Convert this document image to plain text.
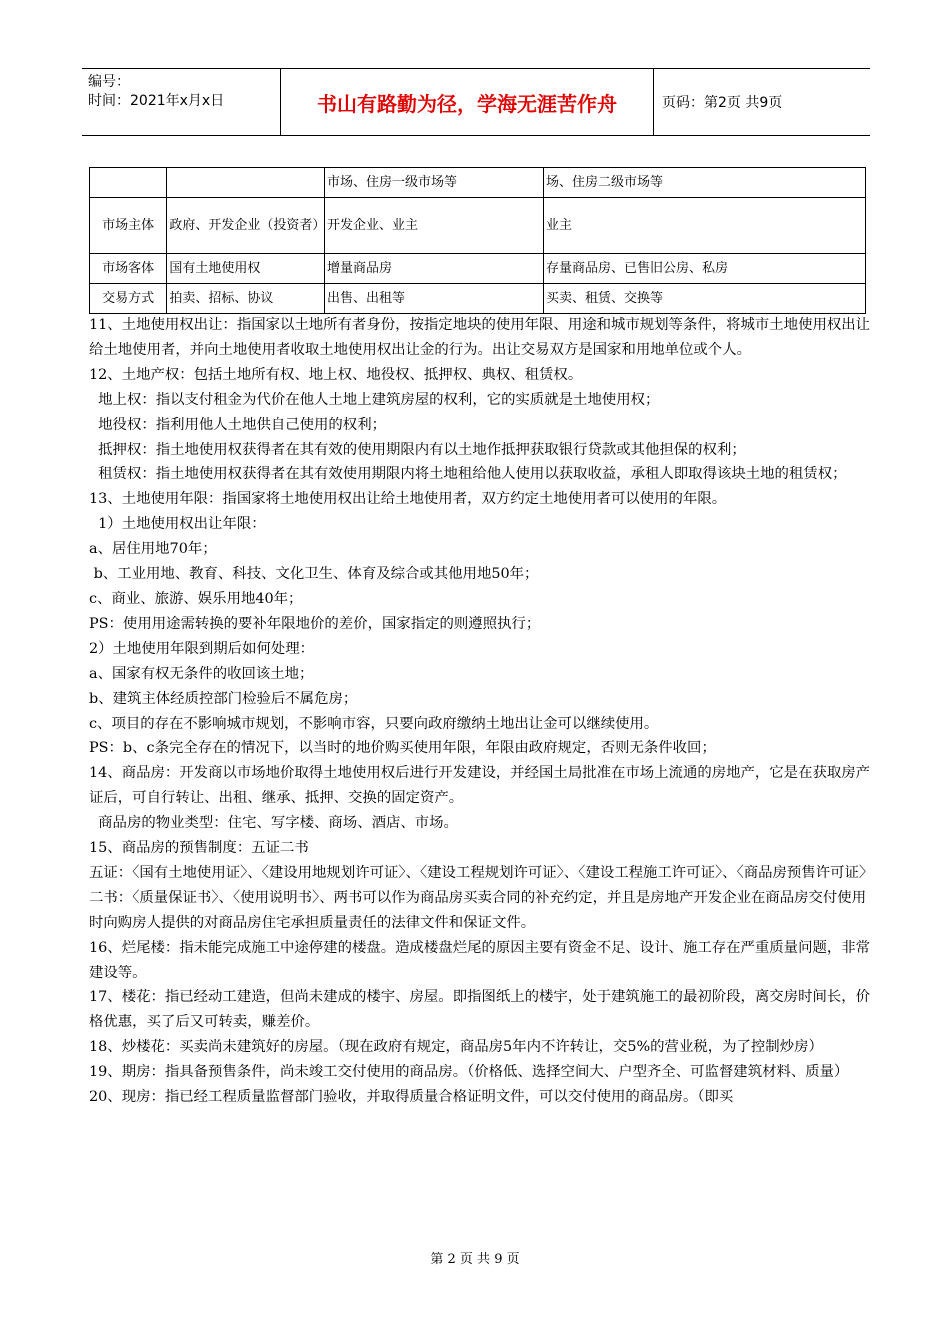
编号：
时间：2021年x月x日	书山有路勤为径，学海无涯苦作舟	页码：第2页 共9页
		市场、住房一级市场等	场、住房二级市场等
市场主体	政府、开发企业（投资者）	开发企业、业主	业主
市场客体	国有土地使用权	增量商品房	存量商品房、已售旧公房、私房
交易方式	拍卖、招标、协议	出售、出租等	买卖、租赁、交换等

11、土地使用权出让：指国家以土地所有者身份，按指定地块的使用年限、用途和城市规划等条件，将城市土地使用权出让给土地使用者，并向土地使用者收取土地使用权出让金的行为。出让交易双方是国家和用地单位或个人。

12、土地产权：包括土地所有权、地上权、地役权、抵押权、典权、租赁权。

地上权：指以支付租金为代价在他人土地上建筑房屋的权利，它的实质就是土地使用权；

地役权：指利用他人土地供自己使用的权利；

抵押权：指土地使用权获得者在其有效的使用期限内有以土地作抵押获取银行贷款或其他担保的权利；

租赁权：指土地使用权获得者在其有效使用期限内将土地租给他人使用以获取收益，承租人即取得该块土地的租赁权；

13、土地使用年限：指国家将土地使用权出让给土地使用者，双方约定土地使用者可以使用的年限。

1）土地使用权出让年限：

a、居住用地70年；

b、工业用地、教育、科技、文化卫生、体育及综合或其他用地50年；

c、商业、旅游、娱乐用地40年；

PS：使用用途需转换的要补年限地价的差价，国家指定的则遵照执行；

2）土地使用年限到期后如何处理：

a、国家有权无条件的收回该土地；

b、建筑主体经质控部门检验后不属危房；

c、项目的存在不影响城市规划，不影响市容，只要向政府缴纳土地出让金可以继续使用。

PS：b、c条完全存在的情况下，以当时的地价购买使用年限，年限由政府规定，否则无条件收回；

14、商品房：开发商以市场地价取得土地使用权后进行开发建设，并经国土局批准在市场上流通的房地产，它是在获取房产证后，可自行转让、出租、继承、抵押、交换的固定资产。

商品房的物业类型：住宅、写字楼、商场、酒店、市场。

15、商品房的预售制度：五证二书

五证：〈国有土地使用证〉、〈建设用地规划许可证〉、〈建设工程规划许可证〉、〈建设工程施工许可证〉、〈商品房预售许可证〉

二书：〈质量保证书〉、〈使用说明书〉、两书可以作为商品房买卖合同的补充约定，并且是房地产开发企业在商品房交付使用时向购房人提供的对商品房住宅承担质量责任的法律文件和保证文件。

16、烂尾楼：指未能完成施工中途停建的楼盘。造成楼盘烂尾的原因主要有资金不足、设计、施工存在严重质量问题，非常建设等。

17、楼花：指已经动工建造，但尚未建成的楼宇、房屋。即指图纸上的楼宇，处于建筑施工的最初阶段，离交房时间长，价格优惠，买了后又可转卖，赚差价。

18、炒楼花：买卖尚未建筑好的房屋。（现在政府有规定，商品房5年内不许转让，交5%的营业税，为了控制炒房）

19、期房：指具备预售条件，尚未竣工交付使用的商品房。（价格低、选择空间大、户型齐全、可监督建筑材料、质量）

20、现房：指已经工程质量监督部门验收，并取得质量合格证明文件，可以交付使用的商品房。（即买

第 2 页 共 9 页
